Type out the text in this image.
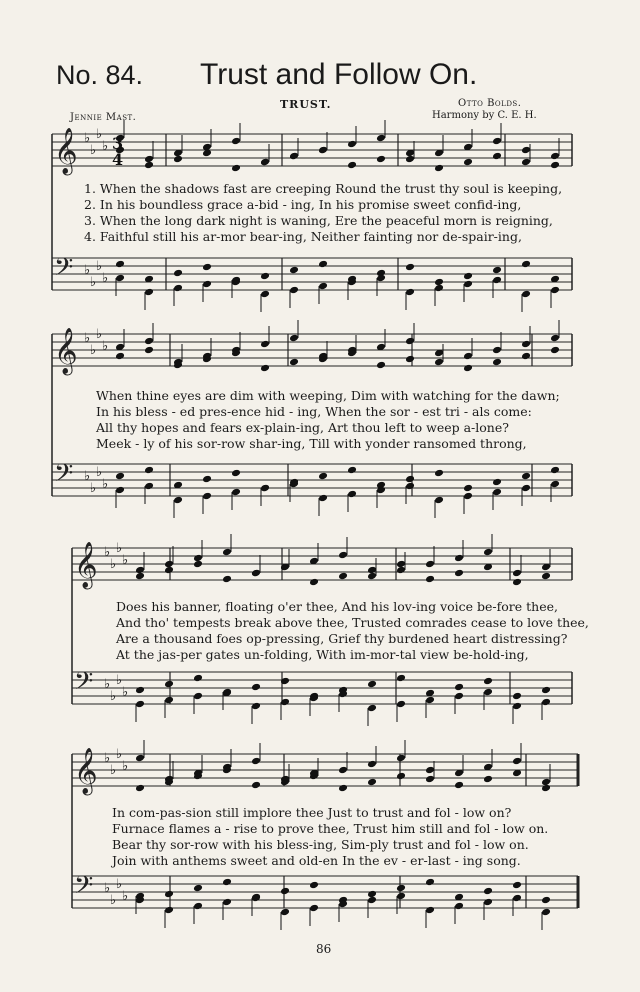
No. 84. Trust and Follow On.
TRUST.
Jennie Mast.
Otto Bolds.
Harmony by C. E. H.
𝄞 ♭
♭
♭
♭
𝄢 ♭
♭
♭
♭
3
4
𝄞 ♭
♭
♭
♭
𝄢 ♭
♭
♭
♭
𝄞 ♭
♭
♭
♭
𝄢 ♭
♭
♭
♭
𝄞 ♭
♭
♭
♭
𝄢 ♭
♭
♭
♭
1. When the shadows fast are creeping Round the trust thy soul is keeping,
2. In his boundless grace a-bid - ing, In his promise sweet confid-ing,
3. When the long dark night is waning, Ere the peaceful morn is reigning,
4. Faithful still his ar-mor bear-ing, Neither fainting nor de-spair-ing,
When thine eyes are dim with weeping, Dim with watching for the dawn;
In his bless - ed pres-ence hid - ing, When the sor - est tri - als come:
All thy hopes and fears ex-plain-ing, Art thou left to weep a-lone?
Meek - ly of his sor-row shar-ing, Till with yonder ransomed throng,
Does his banner, floating o'er thee, And his lov-ing voice be-fore thee,
And tho' tempests break above thee, Trusted comrades cease to love thee,
Are a thousand foes op-pressing, Grief thy burdened heart distressing?
At the jas-per gates un-folding, With im-mor-tal view be-hold-ing,
In com-pas-sion still implore thee Just to trust and fol - low on?
Furnace flames a - rise to prove thee, Trust him still and fol - low on.
Bear thy sor-row with his bless-ing, Sim-ply trust and fol - low on.
Join with anthems sweet and old-en In the ev - er-last - ing song.
86
